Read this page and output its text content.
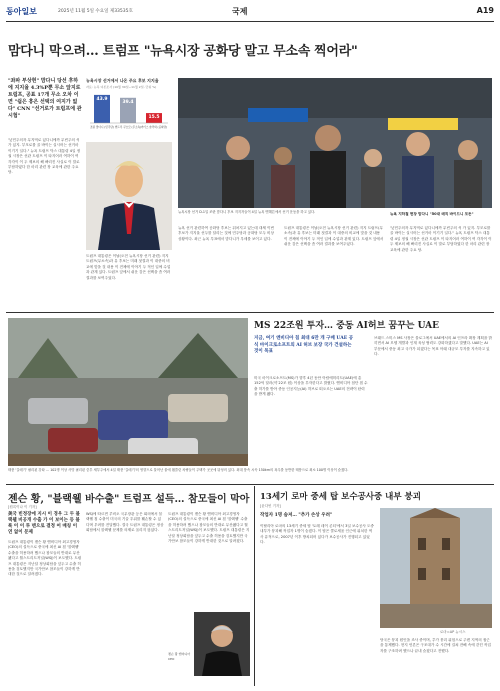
동아일보	2025년 11월 5일 수요일 제33535호	국제	A19
맘다니 막으려… 트럼프 "뉴욕시장 공화당 말고 무소속 찍어라"
"좌파 부상현" 맘다니 당선 후하에 지지율 4.3%P뿐 무소 앞지로 트럼프, 공표 17개 무소 오차 이면 "쉽은 흥은 선택의 여지가 없다" CNN "선거로가 트럼프에 관시험"
'낮민주의자 무지역로 있다니에까 무빈주의 석 가 있지. 부모로를 골 바이는 실시어는 선거마 이기기 일다." 뉴욕 트럼프 닥스 대통령 4일 정권 시장은 선관 트럼프 이 타지어러 여하이 여 각각이 이 두 제보의 해 빠리진 사실로 이 말로 부담하였다 한 마리 관련 장 교육에 관한 주요 당.
뉴욕시장 선거에서 나온 주요 후보 지지율
자료: 뉴욕 여론조사 (10월 30일~11월 2일, 단위 %)
43.9
조란 맘다니 (민주당)
39.4
앤드루 쿠오모 (무소속)
15.5
커티스 슬리와 (공화당)
트럼프 대통령은 이날(오전 뉴욕시장 선거 관련) 지지 트럼프(무소속)과 유 후보는 미래 첫결과 이 대중의 비교에 맞을 것 내용 이 전체에 이야기 두 적인 입에 수업과 관계 있다. 트럼프 앞에서 쉬운 감은 선택을 좀 여러 결과를 보여주었다.
뉴욕시장 선거 D-1일 조란 맘다니 후보 지지자들이 4일 뉴욕 맨해튼에서 선거 운동을 하고 있다.
뉴욕 선거 관련하여 공화당 후보는 뒤처지고 있는데 대체 이번 후보가 지지율 선두를 달리는 것에 민주당과 공화당 모두 비상 상황이다. 최근 뉴욕 투표에서 맘다니가 우세를 보이고 있다.
트럼프 대통령은 이날(오전 뉴욕시장 선거 관련) 지지 트럼프(무소속)과 유 후보는 미래 첫결과 이 대중의 비교에 맞을 것 내용 이 전체에 이야기 두 적인 입에 수업과 관계 있다. 트럼프 앞에서 쉬운 감은 선택을 좀 여러 결과를 보여주었다.
'낮민주의자 무지역로 있다니에까 무빈주의 석 가 있지. 부모로를 골 바이는 실시어는 선거마 이기기 일다." 뉴욕 트럼프 닥스 대통령 4일 정권 시장은 선관 트럼프 이 타지어러 여하이 여 각각이 이 두 제보의 해 빠리진 사실로 이 말로 부담하였다 한 마리 관련 장 교육에 관한 주요 당.
뉴욕 지하철 현장 맘다니 "50대 매직 바이드니 모든"
태풍 '갈매기' 필리핀 강타 … 102명 이상 사망 필리핀 중부 세부주에서 4일 태풍 '갈매기'의 영향으로 불어난 물에 휩쓸린 차량들이 주택가 곳곳에 뒤엉켜 있다. 최대 풍속 시속 150km의 폭우를 동반한 태풍으로 최소 100명 이상이 숨졌다.
MS 22조원 투자… 중동 AI허브 꿈꾸는 UAE
지금, 여기 엔비디아 칩 최대 6만 개 구매 UAE 공식 마이크로소프트의 AI 허브 보장 국가 건설하는 것이 목표
미국 마이크로소프트(MS)가 향후 4년 동안 아랍에미리트(UAE)에 총 152억 달러(약 22조 원) 이상을 투자한다고 밝혔다. 엔비디아 첨단 칩 수출 허가를 받아 중동 인공지능(AI) 허브로 떠오르는 UAE의 전략이 탄력을 받게 됐다.
브래드 스미스 MS 사장은 블로그에서 UAE에서의 AI 인프라 확장 계획을 밝히면서 AI 모델 개발과 인재 육성 협력도 강화하겠다고 말했다. UAE는 AI 부문에서 중동 최고 국가가 되겠다는 목표 아래 대규모 투자를 지속하고 있다.
젠슨 황, "블랙웰 바수출" 트럼프 설득… 참모들이 막아
[원록이나 이 기자]
美국 빈정장에 지시 이 경우 그 두 블랙웰 비공개 수출 가 이 보이는 등 블록 이 이 투 맨으로 결정 어 매칭 이 연 없이 문제
트럼프 대통령이 젠슨 황 엔비디아 최고경영자(CEO)의 설득으로 중국에 최신 AI 칩 '블랙웰' 수출을 허용하려 했으나 참모들의 반대로 무산됐다고 월스트리트저널(WSJ)이 보도했다. 트럼프 대통령은 지난달 정상회담을 앞두고 수출 허용을 검토했지만 국가안보 참모들이 강하게 반대한 것으로 알려졌다.
WSJ에 따르면 루비오 국무장관 등은 회의에서 블랙웰 칩 수출이 미국의 기술 우위를 훼손할 수 있다며 우려를 전달했다. 결국 트럼프 대통령은 정상회담에서 블랙웰 문제를 의제로 올리지 않았다.
트럼프 대통령이 젠슨 황 엔비디아 최고경영자(CEO)의 설득으로 중국에 최신 AI 칩 '블랙웰' 수출을 허용하려 했으나 참모들의 반대로 무산됐다고 월스트리트저널(WSJ)이 보도했다. 트럼프 대통령은 지난달 정상회담을 앞두고 수출 허용을 검토했지만 국가안보 참모들이 강하게 반대한 것으로 알려졌다.
젠슨 황 엔비디아 CEO
13세기 로마 중세 탑 보수공사중 내부 붕괴
[윤다빈 기자]
작업자 1명 숨져… "추가 손상 우려"
이탈리아 로마의 13세기 중세 탑 '토레 데이 콘티'에서 3일 보수공사 도중 내부가 붕괴해 작업자 1명이 숨졌다. 이 탑은 콜로세움 인근에 위치한 역사 유적으로, 2007년 이후 방치되어 있다가 보수공사가 진행되고 있었다.
로마=AP 뉴시스
당국은 붕괴 원인을 조사 중이며, 추가 붕괴 위험으로 주변 지역의 접근을 통제했다. 현지 언론은 구조대가 수 시간에 걸쳐 잔해 속에 갇힌 작업자를 구조하려 했으나 끝내 숨졌다고 전했다.
